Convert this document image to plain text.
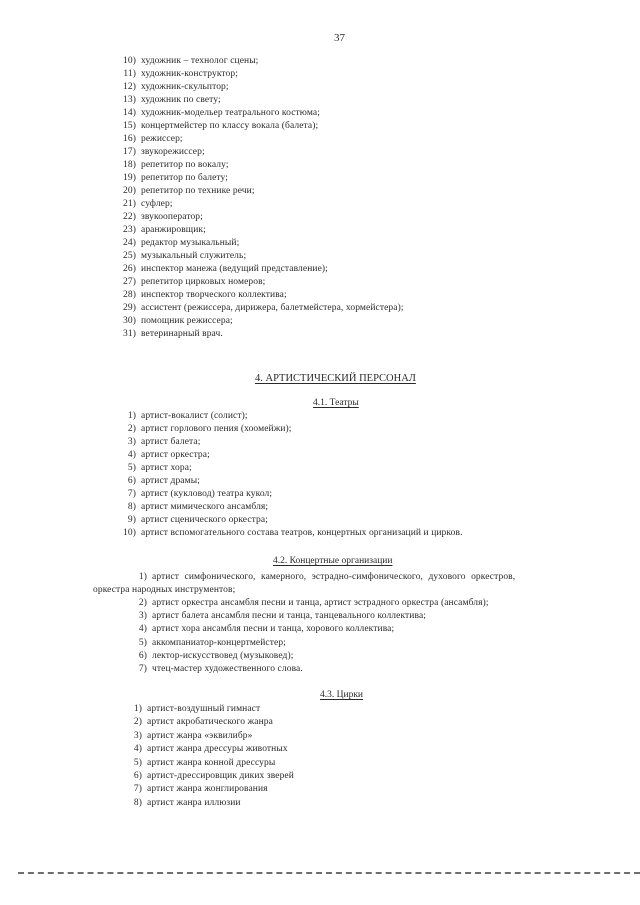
37
10) художник – технолог сцены;
11) художник-конструктор;
12) художник-скульптор;
13) художник по свету;
14) художник-модельер театрального костюма;
15) концертмейстер по классу вокала (балета);
16) режиссер;
17) звукорежиссер;
18) репетитор по вокалу;
19) репетитор по балету;
20) репетитор по технике речи;
21) суфлер;
22) звукооператор;
23) аранжировщик;
24) редактор музыкальный;
25) музыкальный служитель;
26) инспектор манежа (ведущий представление);
27) репетитор цирковых номеров;
28) инспектор творческого коллектива;
29) ассистент (режиссера, дирижера, балетмейстера, хормейстера);
30) помощник режиссера;
31) ветеринарный врач.
4. АРТИСТИЧЕСКИЙ ПЕРСОНАЛ
4.1. Театры
1) артист-вокалист (солист);
2) артист горлового пения (хоомейжи);
3) артист балета;
4) артист оркестра;
5) артист хора;
6) артист драмы;
7) артист (кукловод) театра кукол;
8) артист мимического ансамбля;
9) артист сценического оркестра;
10) артист вспомогательного состава театров, концертных организаций и цирков.
4.2. Концертные организации
1) артист симфонического, камерного, эстрадно-симфонического, духового оркестров,
оркестра народных инструментов;
2) артист оркестра ансамбля песни и танца, артист эстрадного оркестра (ансамбля);
3) артист балета ансамбля песни и танца, танцевального коллектива;
4) артист хора ансамбля песни и танца, хорового коллектива;
5) аккомпаниатор-концертмейстер;
6) лектор-искусствовед (музыковед);
7) чтец-мастер художественного слова.
4.3. Цирки
1) артист-воздушный гимнаст
2) артист акробатического жанра
3) артист жанра «эквилибр»
4) артист жанра дрессуры животных
5) артист жанра конной дрессуры
6) артист-дрессировщик диких зверей
7) артист жанра жонглирования
8) артист жанра иллюзии
